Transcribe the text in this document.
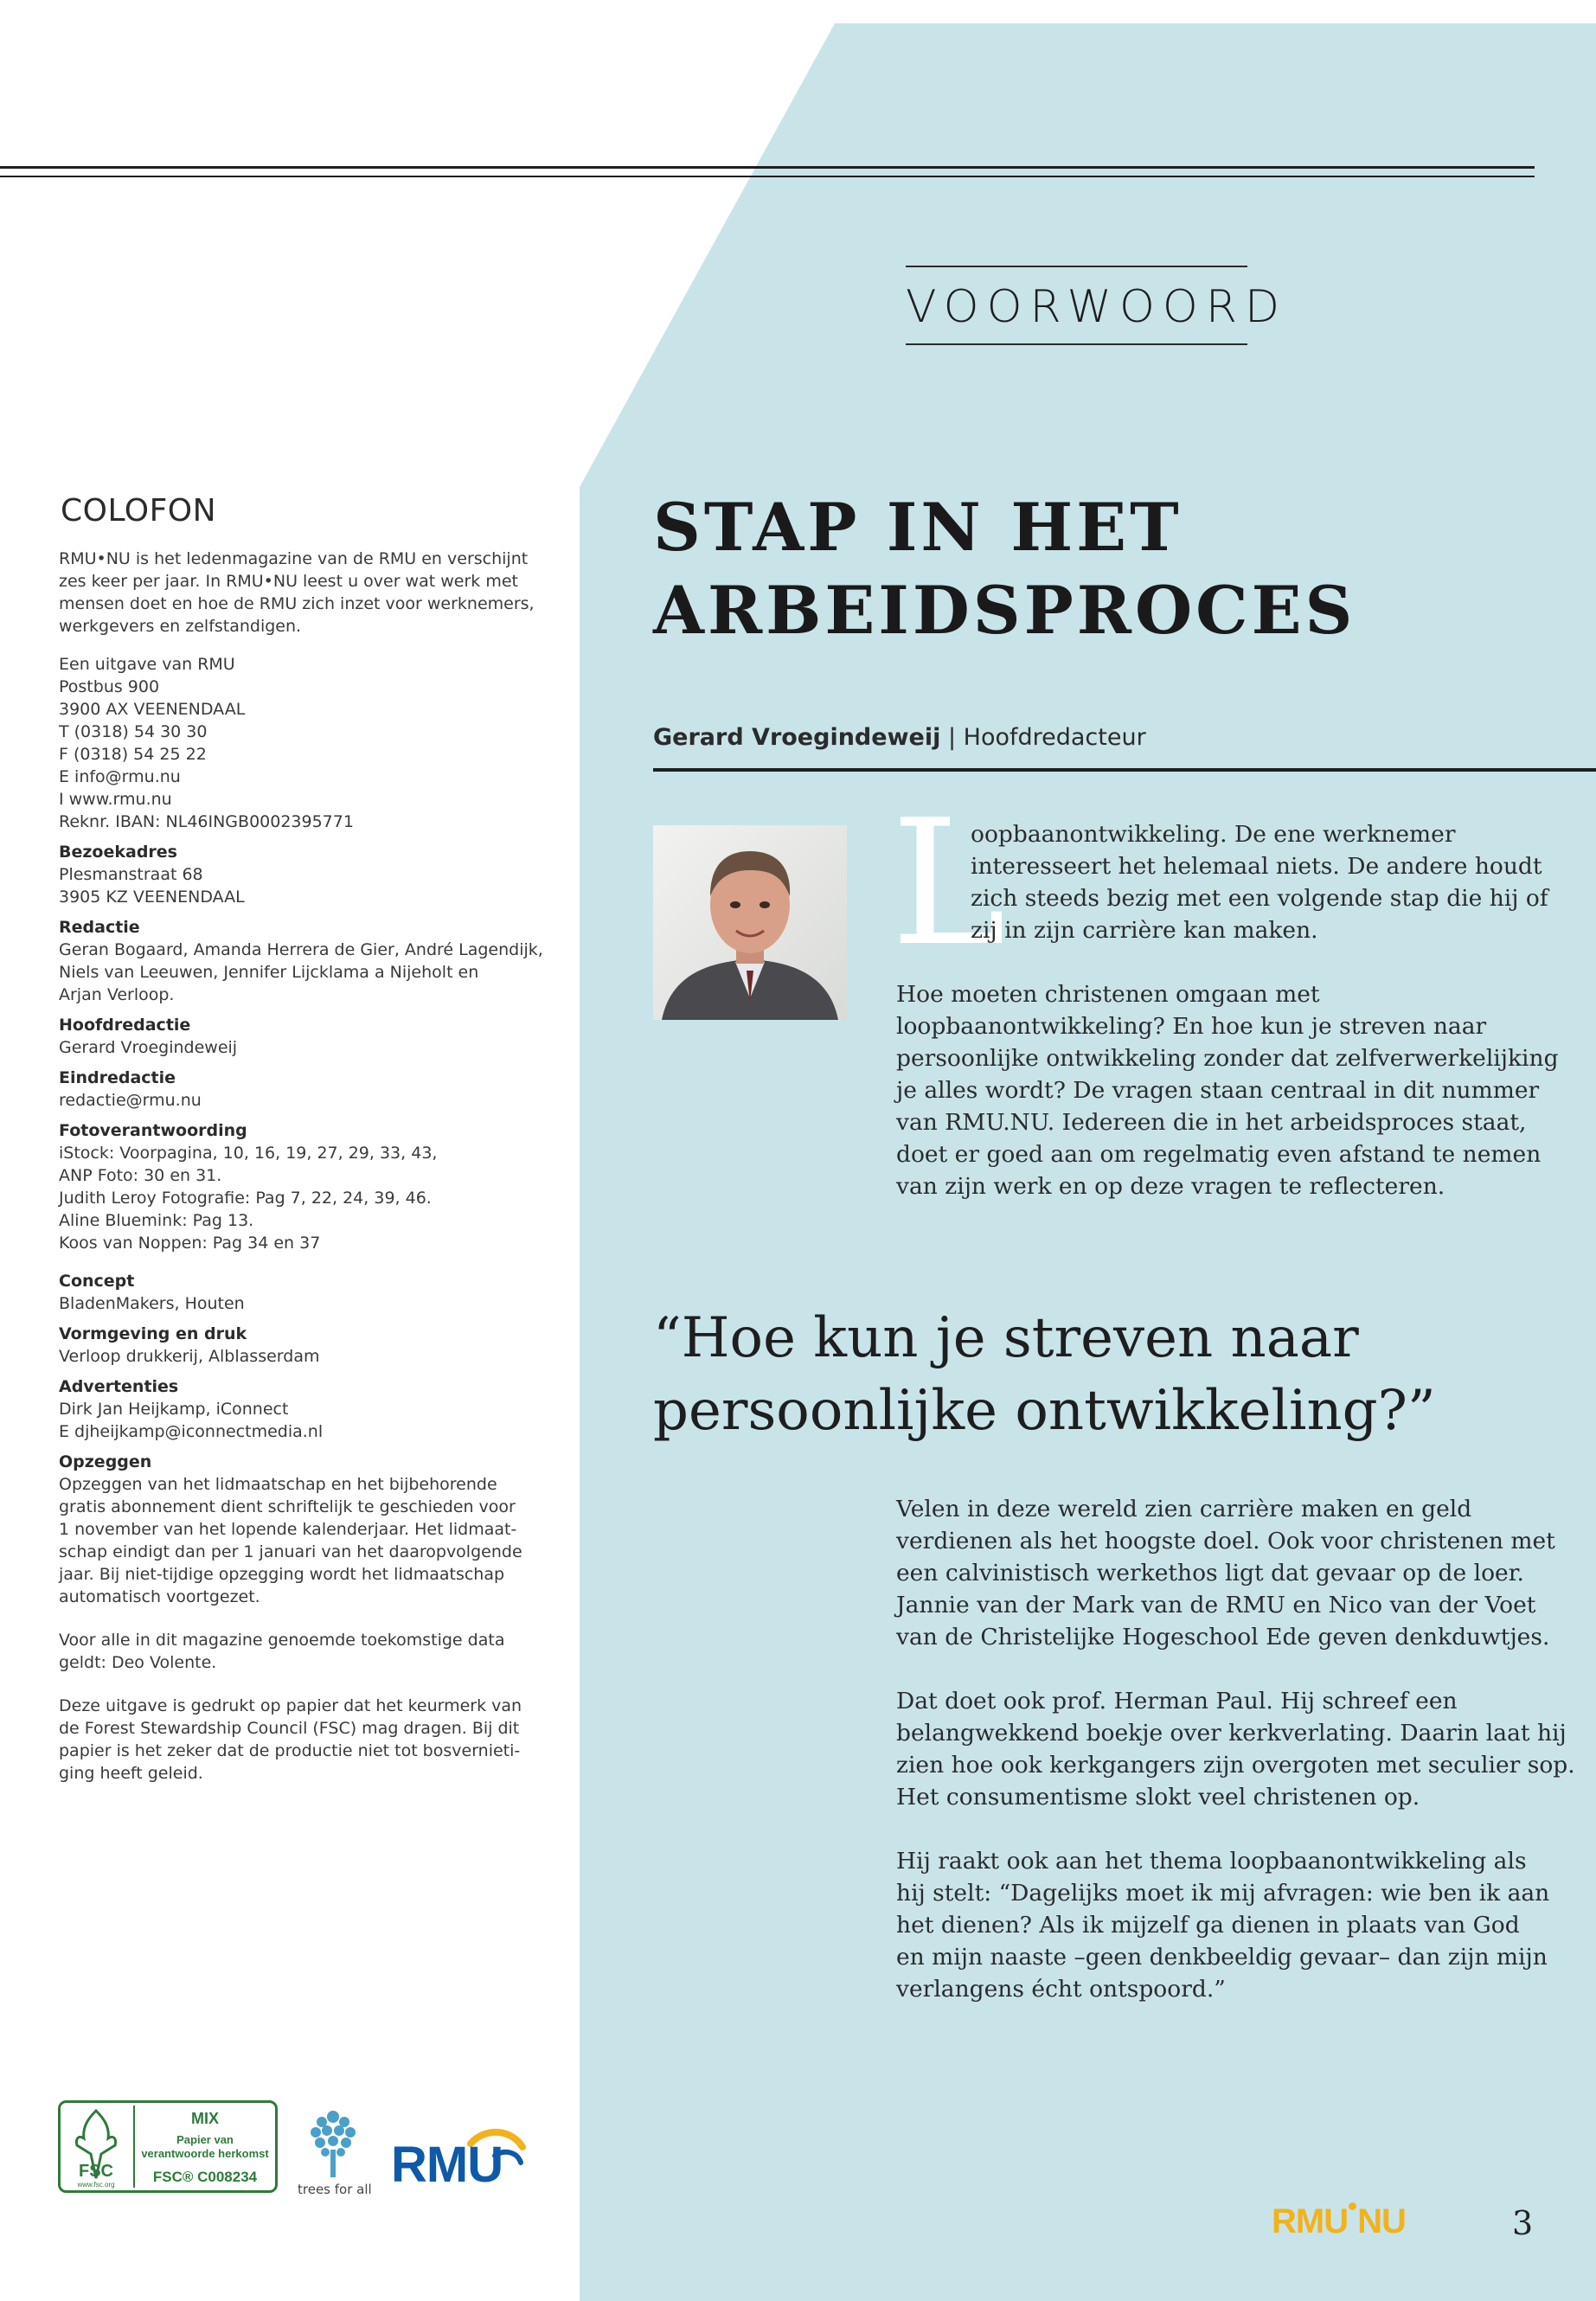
VOORWOORD
COLOFON

RMU•NU is het ledenmagazine van de RMU en verschijnt zes keer per jaar. In RMU•NU leest u over wat werk met mensen doet en hoe de RMU zich inzet voor werknemers, werkgevers en zelfstandigen.

Een uitgave van RMU
Postbus 900
3900 AX VEENENDAAL
T (0318) 54 30 30
F (0318) 54 25 22
E info@rmu.nu
I www.rmu.nu
Reknr. IBAN: NL46INGB0002395771
Bezoekadres
Plesmanstraat 68
3905 KZ VEENENDAAL
Redactie
Geran Bogaard, Amanda Herrera de Gier, André Lagendijk,
Niels van Leeuwen, Jennifer Lijcklama a Nijeholt en
Arjan Verloop.
Hoofdredactie
Gerard Vroegindeweij
Eindredactie
redactie@rmu.nu
Fotoverantwoording
iStock: Voorpagina, 10, 16, 19, 27, 29, 33, 43,
ANP Foto: 30 en 31.
Judith Leroy Fotografie: Pag 7, 22, 24, 39, 46.
Aline Bluemink: Pag 13.
Koos van Noppen: Pag 34 en 37
Concept
BladenMakers, Houten
Vormgeving en druk
Verloop drukkerij, Alblasserdam
Advertenties
Dirk Jan Heijkamp, iConnect
E djheijkamp@iconnectmedia.nl
Opzeggen
Opzeggen van het lidmaatschap en het bijbehorende
gratis abonnement dient schriftelijk te geschieden voor
1 november van het lopende kalenderjaar. Het lidmaat-
schap eindigt dan per 1 januari van het daaropvolgende
jaar. Bij niet-tijdige opzegging wordt het lidmaatschap
automatisch voortgezet.
Voor alle in dit magazine genoemde toekomstige data
geldt: Deo Volente.
Deze uitgave is gedrukt op papier dat het keurmerk van
de Forest Stewardship Council (FSC) mag dragen. Bij dit
papier is het zeker dat de productie niet tot bosvernieti-
ging heeft geleid.
STAP IN HET
ARBEIDSPROCES
Gerard Vroegindeweij | Hoofdredacteur
L
oopbaanontwikkeling. De ene werknemer
interesseert het helemaal niets. De andere houdt
zich steeds bezig met een volgende stap die hij of
zij in zijn carrière kan maken.
Hoe moeten christenen omgaan met
loopbaanontwikkeling? En hoe kun je streven naar
persoonlijke ontwikkeling zonder dat zelfverwerkelijking
je alles wordt? De vragen staan centraal in dit nummer
van RMU.NU. Iedereen die in het arbeidsproces staat,
doet er goed aan om regelmatig even afstand te nemen
van zijn werk en op deze vragen te reflecteren.
“Hoe kun je streven naar
persoonlijke ontwikkeling?”
Velen in deze wereld zien carrière maken en geld
verdienen als het hoogste doel. Ook voor christenen met
een calvinistisch werkethos ligt dat gevaar op de loer.
Jannie van der Mark van de RMU en Nico van der Voet
van de Christelijke Hogeschool Ede geven denkduwtjes.
Dat doet ook prof. Herman Paul. Hij schreef een
belangwekkend boekje over kerkverlating. Daarin laat hij
zien hoe ook kerkgangers zijn overgoten met seculier sop.
Het consumentisme slokt veel christenen op.
Hij raakt ook aan het thema loopbaanontwikkeling als
hij stelt: “Dagelijks moet ik mij afvragen: wie ben ik aan
het dienen? Als ik mijzelf ga dienen in plaats van God
en mijn naaste –geen denkbeeldig gevaar– dan zijn mijn
verlangens écht ontspoord.”
FSC
www.fsc.org
MIX
Papier van
verantwoorde herkomst
FSC® C008234
trees for all RMU
RMU NU	3
